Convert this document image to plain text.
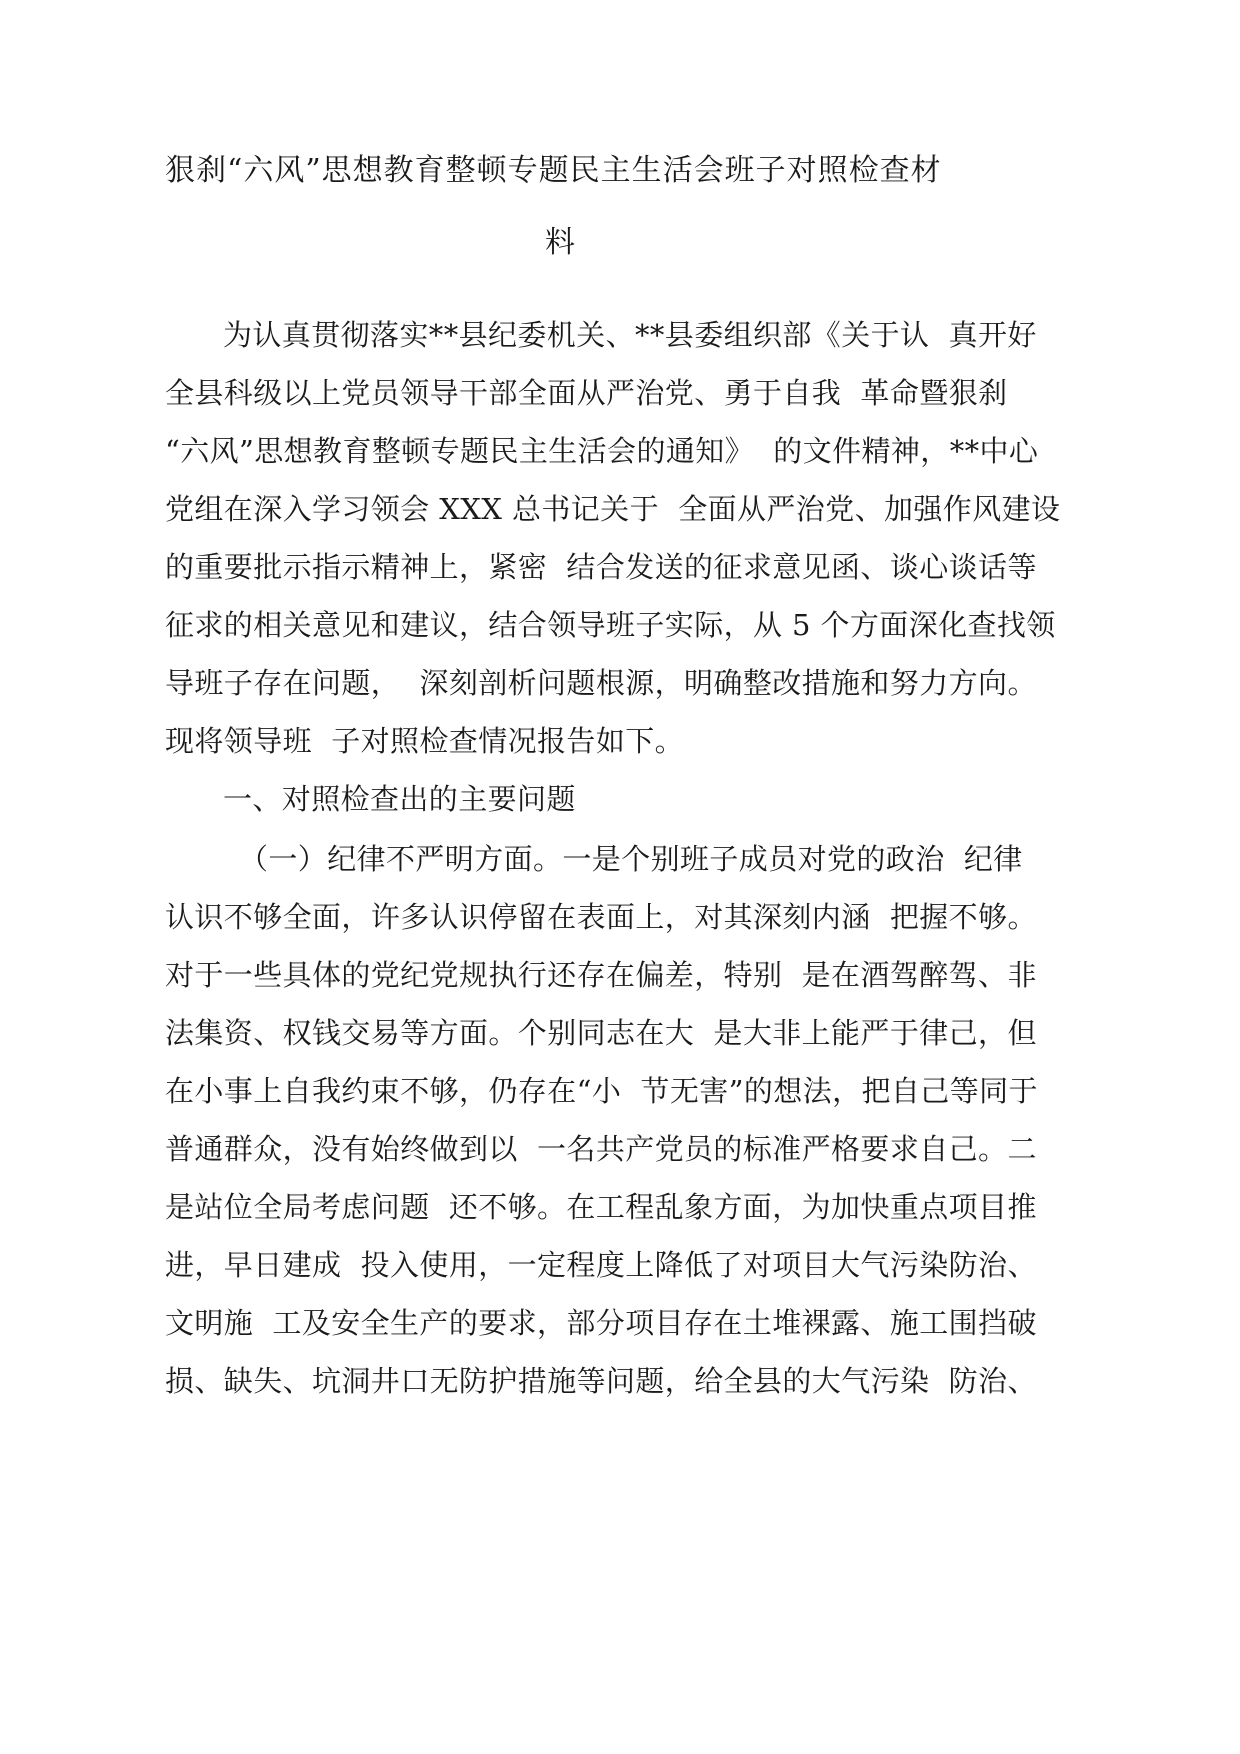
狠刹“六风”思想教育整顿专题民主生活会班子对照检查材
料
为认真贯彻落实**县纪委机关、**县委组织部《关于认  真开好
全县科级以上党员领导干部全面从严治党、勇于自我  革命暨狠刹
“六风”思想教育整顿专题民主生活会的通知》  的文件精神，**中心
党组在深入学习领会 XXX 总书记关于  全面从严治党、加强作风建设
的重要批示指示精神上，紧密  结合发送的征求意见函、谈心谈话等
征求的相关意见和建议，结合领导班子实际，从 5 个方面深化查找领
导班子存在问题，  深刻剖析问题根源，明确整改措施和努力方向。
现将领导班  子对照检查情况报告如下。
一、对照检查出的主要问题
（一）纪律不严明方面。一是个别班子成员对党的政治  纪律
认识不够全面，许多认识停留在表面上，对其深刻内涵  把握不够。
对于一些具体的党纪党规执行还存在偏差，特别  是在酒驾醉驾、非
法集资、权钱交易等方面。个别同志在大  是大非上能严于律己，但
在小事上自我约束不够，仍存在“小  节无害”的想法，把自己等同于
普通群众，没有始终做到以  一名共产党员的标准严格要求自己。二
是站位全局考虑问题  还不够。在工程乱象方面，为加快重点项目推
进，早日建成  投入使用，一定程度上降低了对项目大气污染防治、
文明施  工及安全生产的要求，部分项目存在土堆裸露、施工围挡破
损、缺失、坑洞井口无防护措施等问题，给全县的大气污染  防治、
